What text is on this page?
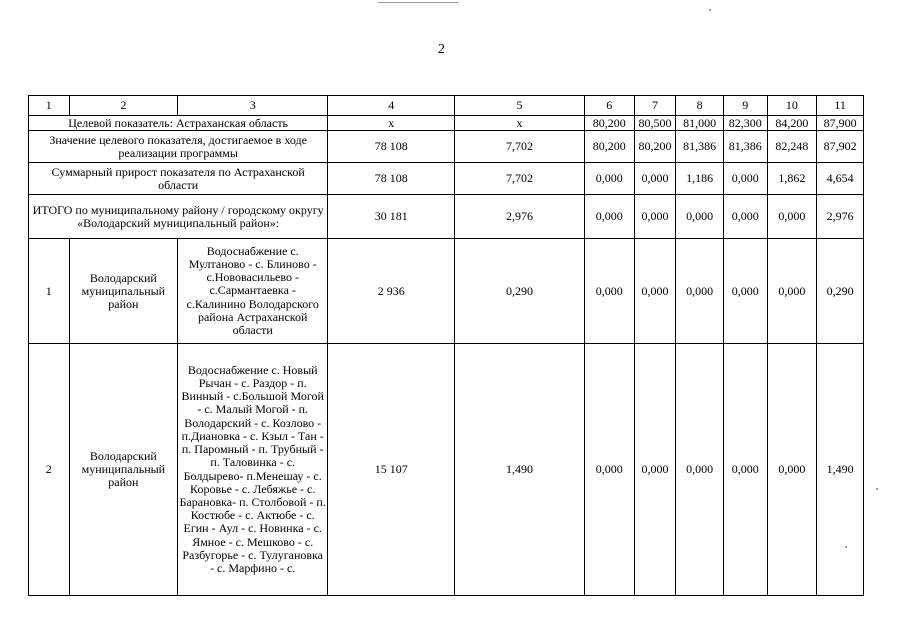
2
1	2	3	4	5	6	7	8	9	10	11
Целевой показатель: Астраханская область			x	x	80,200	80,500	81,000	82,300	84,200	87,900
Значение целевого показателя, достигаемое в ходе реализации программы			78 108	7,702	80,200	80,200	81,386	81,386	82,248	87,902
Суммарный прирост показателя по Астраханской области			78 108	7,702	0,000	0,000	1,186	0,000	1,862	4,654
ИТОГО по муниципальному району / городскому округу «Володарский муниципальный район»:			30 181	2,976	0,000	0,000	0,000	0,000	0,000	2,976
1	Володарский муниципальный район	Водоснабжение с. Мултаново - с. Блиново - с.Нововасильево - с.Сармантаевка - с.Калинино Володарского района Астраханской области	2 936	0,290	0,000	0,000	0,000	0,000	0,000	0,290
2	Володарский муниципальный район	Водоснабжение с. Новый Рычан - с. Раздор - п. Винный - с.Большой Могой - с. Малый Могой - п. Володарский - с. Козлово - п.Диановка - с. Кзыл - Тан - п. Паромный - п. Трубный - п. Таловинка - с. Болдырево- п.Менешау - с. Коровье - с. Лебяжье - с. Барановка- п. Столбовой - п. Костюбе - с. Актюбе - с. Егин - Аул - с. Новинка - с. Ямное - с. Мешково - с. Разбугорье - с. Тулугановка - с. Марфино - с.	15 107	1,490	0,000	0,000	0,000	0,000	0,000	1,490
